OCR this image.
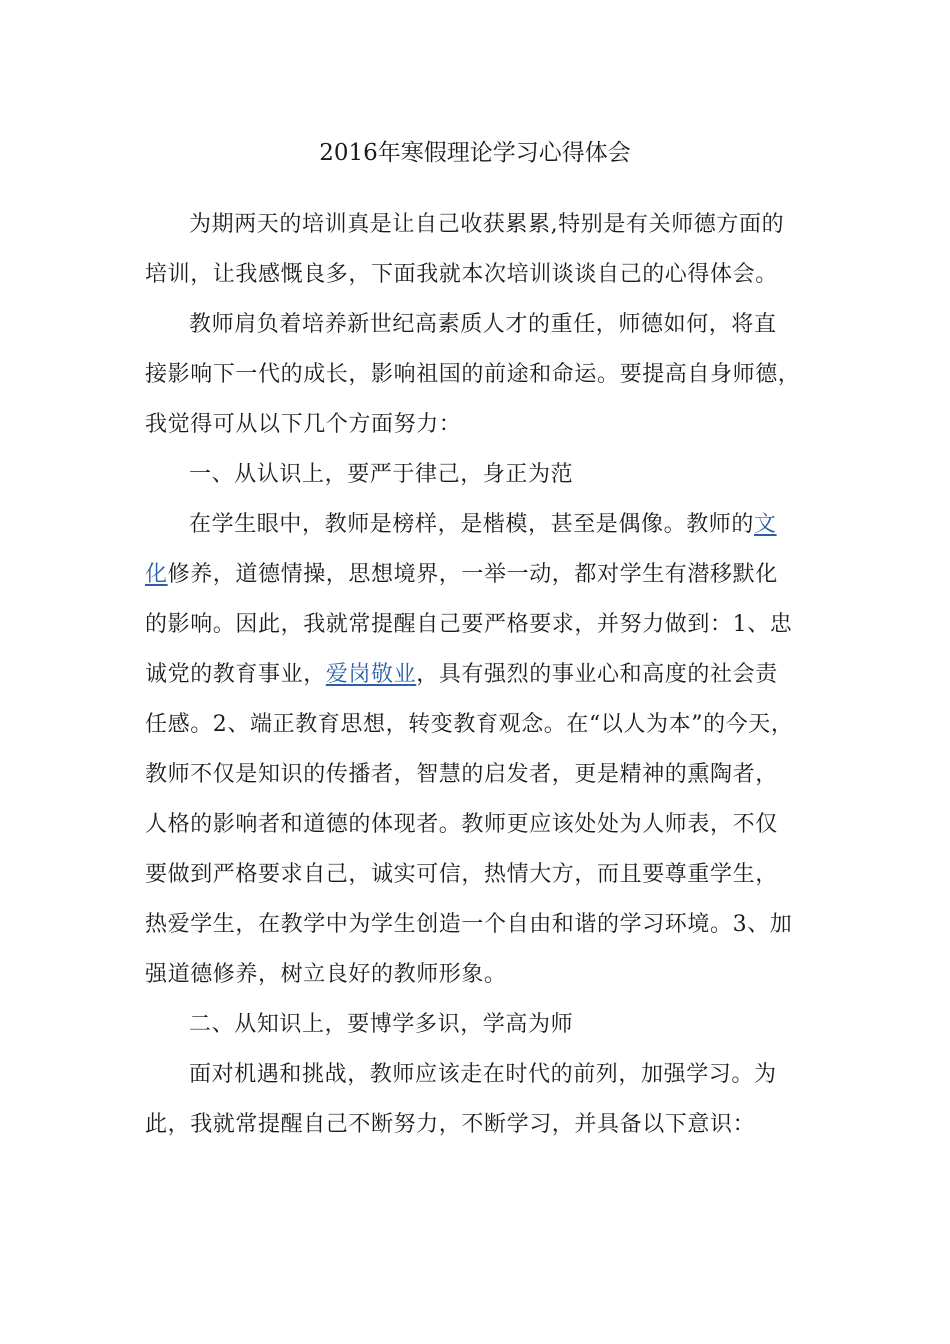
2016年寒假理论学习心得体会
为期两天的培训真是让自己收获累累,特别是有关师德方面的
培训，让我感慨良多，下面我就本次培训谈谈自己的心得体会。
教师肩负着培养新世纪高素质人才的重任，师德如何，将直
接影响下一代的成长，影响祖国的前途和命运。要提高自身师德，
我觉得可从以下几个方面努力：
一、从认识上，要严于律己，身正为范
在学生眼中，教师是榜样，是楷模，甚至是偶像。教师的文
化修养，道德情操，思想境界，一举一动，都对学生有潜移默化
的影响。因此，我就常提醒自己要严格要求，并努力做到：1、忠
诚党的教育事业，爱岗敬业，具有强烈的事业心和高度的社会责
任感。2、端正教育思想，转变教育观念。在“以人为本”的今天，
教师不仅是知识的传播者，智慧的启发者，更是精神的熏陶者，
人格的影响者和道德的体现者。教师更应该处处为人师表，不仅
要做到严格要求自己，诚实可信，热情大方，而且要尊重学生，
热爱学生，在教学中为学生创造一个自由和谐的学习环境。3、加
强道德修养，树立良好的教师形象。
二、从知识上，要博学多识，学高为师
面对机遇和挑战，教师应该走在时代的前列，加强学习。为
此，我就常提醒自己不断努力，不断学习，并具备以下意识：
